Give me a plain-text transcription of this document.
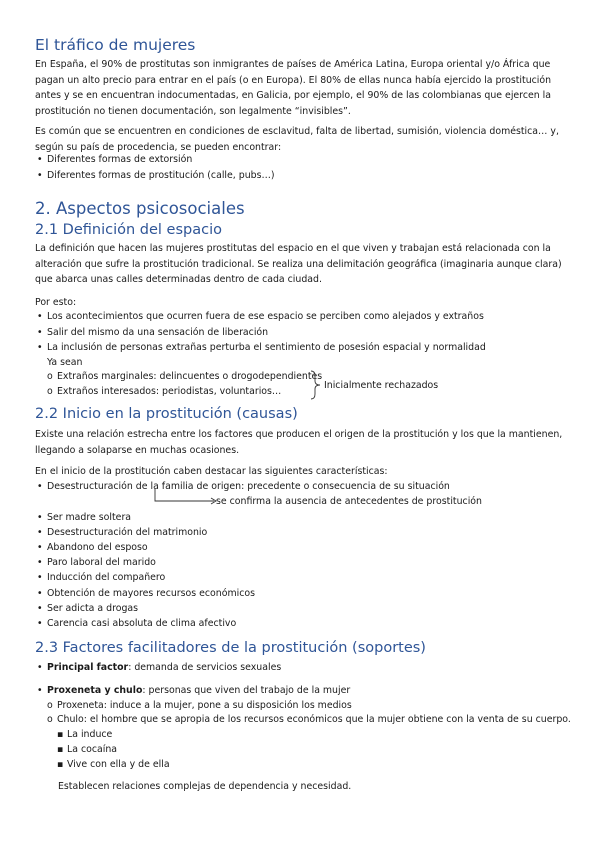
El tráfico de mujeres
En España, el 90% de prostitutas son inmigrantes de países de América Latina, Europa oriental y/o África que pagan un alto precio para entrar en el país (o en Europa). El 80% de ellas nunca había ejercido la prostitución antes y se en encuentran indocumentadas, en Galicia, por ejemplo, el 90% de las colombianas que ejercen la prostitución no tienen documentación, son legalmente “invisibles”.
Es común que se encuentren en condiciones de esclavitud, falta de libertad, sumisión, violencia doméstica… y, según su país de procedencia, se pueden encontrar:
• Diferentes formas de extorsión
• Diferentes formas de prostitución (calle, pubs…)
2. Aspectos psicosociales
2.1 Definición del espacio
La definición que hacen las mujeres prostitutas del espacio en el que viven y trabajan está relacionada con la alteración que sufre la prostitución tradicional. Se realiza una delimitación geográfica (imaginaria aunque clara) que abarca unas calles determinadas dentro de cada ciudad.
Por esto:
• Los acontecimientos que ocurren fuera de ese espacio se perciben como alejados y extraños
• Salir del mismo da una sensación de liberación
• La inclusión de personas extrañas perturba el sentimiento de posesión espacial y normalidad
Ya sean
o Extraños marginales: delincuentes o drogodependientes
o Extraños interesados: periodistas, voluntarios…
Inicialmente rechazados
2.2 Inicio en la prostitución (causas)
Existe una relación estrecha entre los factores que producen el origen de la prostitución y los que la mantienen, llegando a solaparse en muchas ocasiones.
En el inicio de la prostitución caben destacar las siguientes características:
• Desestructuración de la familia de origen: precedente o consecuencia de su situación
se confirma la ausencia de antecedentes de prostitución
• Ser madre soltera
• Desestructuración del matrimonio
• Abandono del esposo
• Paro laboral del marido
• Inducción del compañero
• Obtención de mayores recursos económicos
• Ser adicta a drogas
• Carencia casi absoluta de clima afectivo
2.3 Factores facilitadores de la prostitución (soportes)
• Principal factor: demanda de servicios sexuales
• Proxeneta y chulo: personas que viven del trabajo de la mujer
o Proxeneta: induce a la mujer, pone a su disposición los medios
o Chulo: el hombre que se apropia de los recursos económicos que la mujer obtiene con la venta de su cuerpo.
▪ La induce
▪ La cocaína
▪ Vive con ella y de ella
Establecen relaciones complejas de dependencia y necesidad.
